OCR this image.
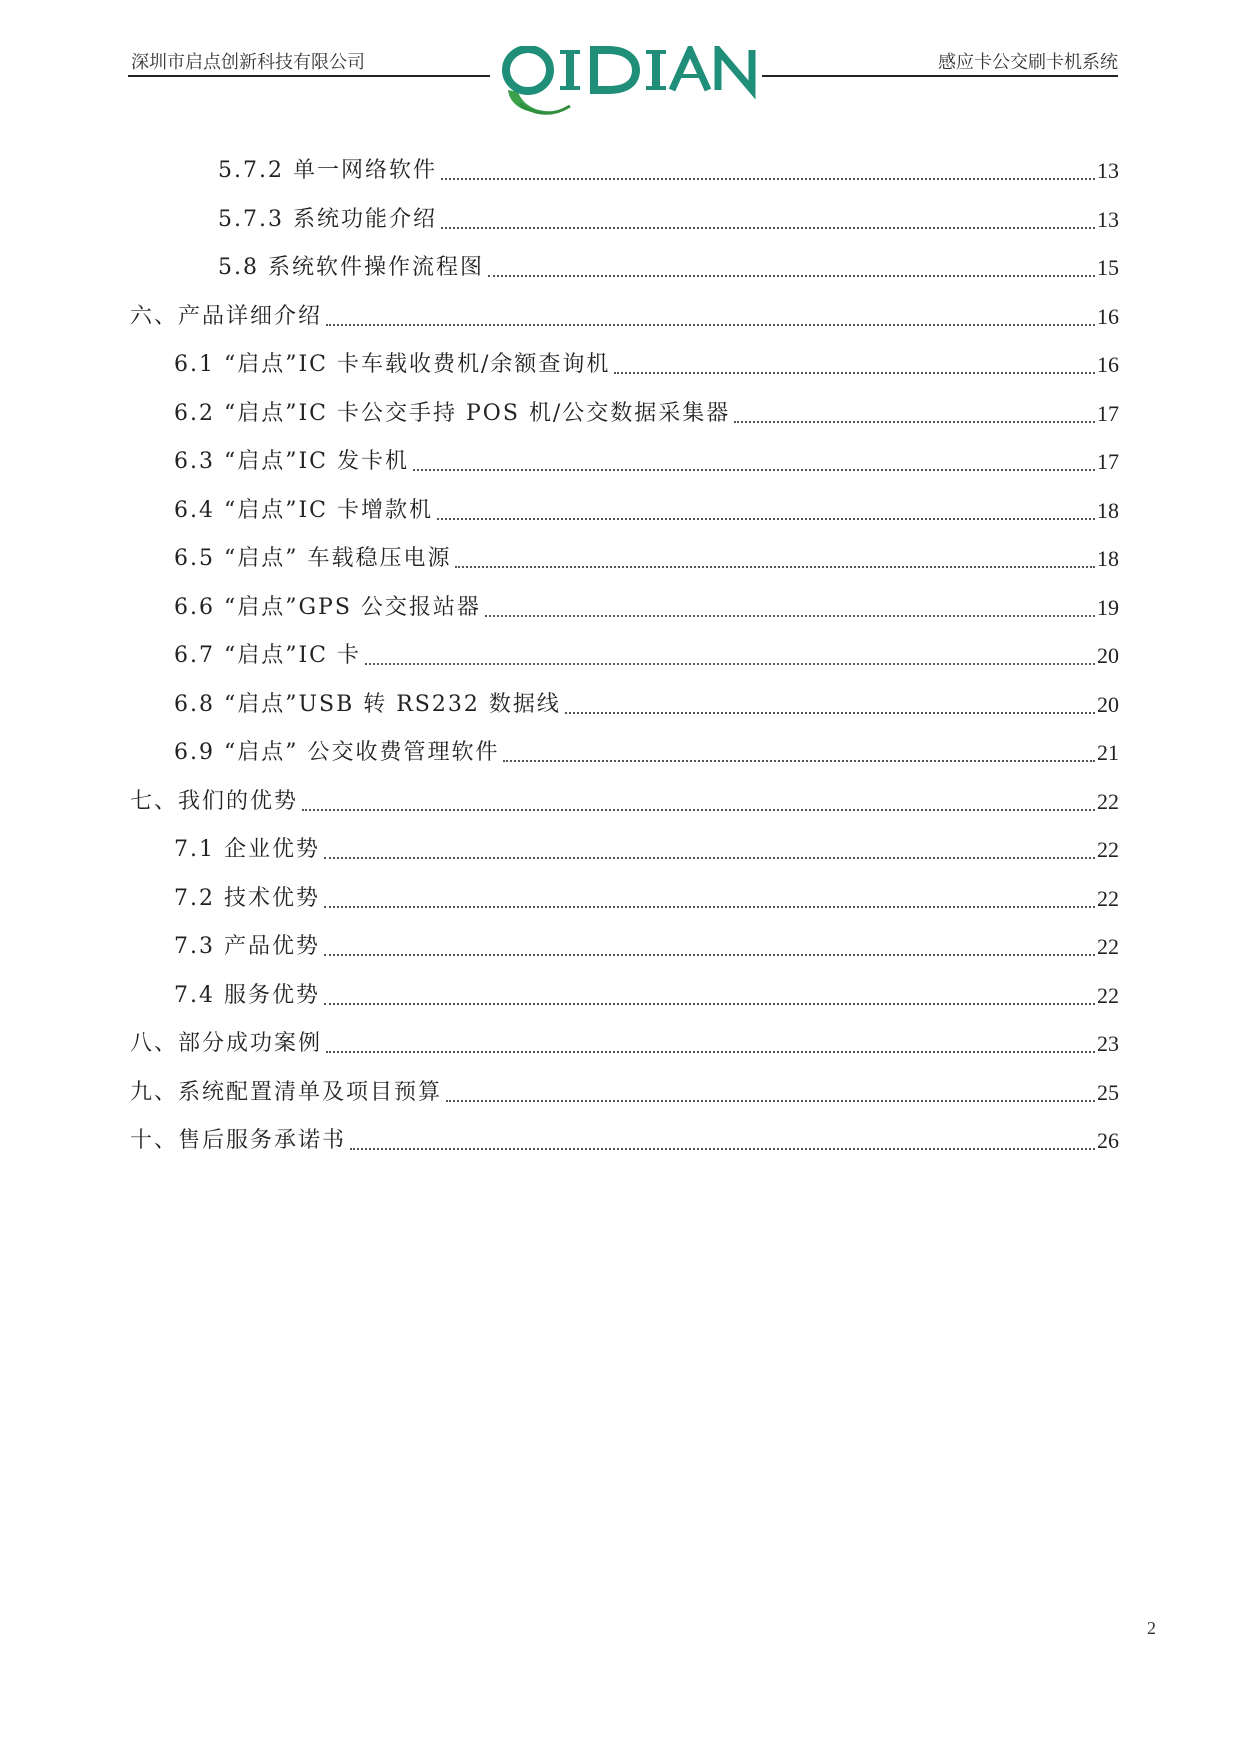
深圳市启点创新科技有限公司	感应卡公交刷卡机系统
5.7.2 单一网络软件	13
5.7.3 系统功能介绍	13
5.8 系统软件操作流程图	15
六、产品详细介绍	16
6.1 “启点”IC 卡车载收费机/余额查询机	16
6.2 “启点”IC 卡公交手持 POS 机/公交数据采集器	17
6.3 “启点”IC 发卡机	17
6.4 “启点”IC 卡增款机	18
6.5 “启点” 车载稳压电源	18
6.6 “启点”GPS 公交报站器	19
6.7 “启点”IC 卡	20
6.8 “启点”USB 转 RS232 数据线	20
6.9 “启点” 公交收费管理软件	21
七、我们的优势	22
7.1 企业优势	22
7.2 技术优势	22
7.3 产品优势	22
7.4 服务优势	22
八、部分成功案例	23
九、系统配置清单及项目预算	25
十、售后服务承诺书	26
2
